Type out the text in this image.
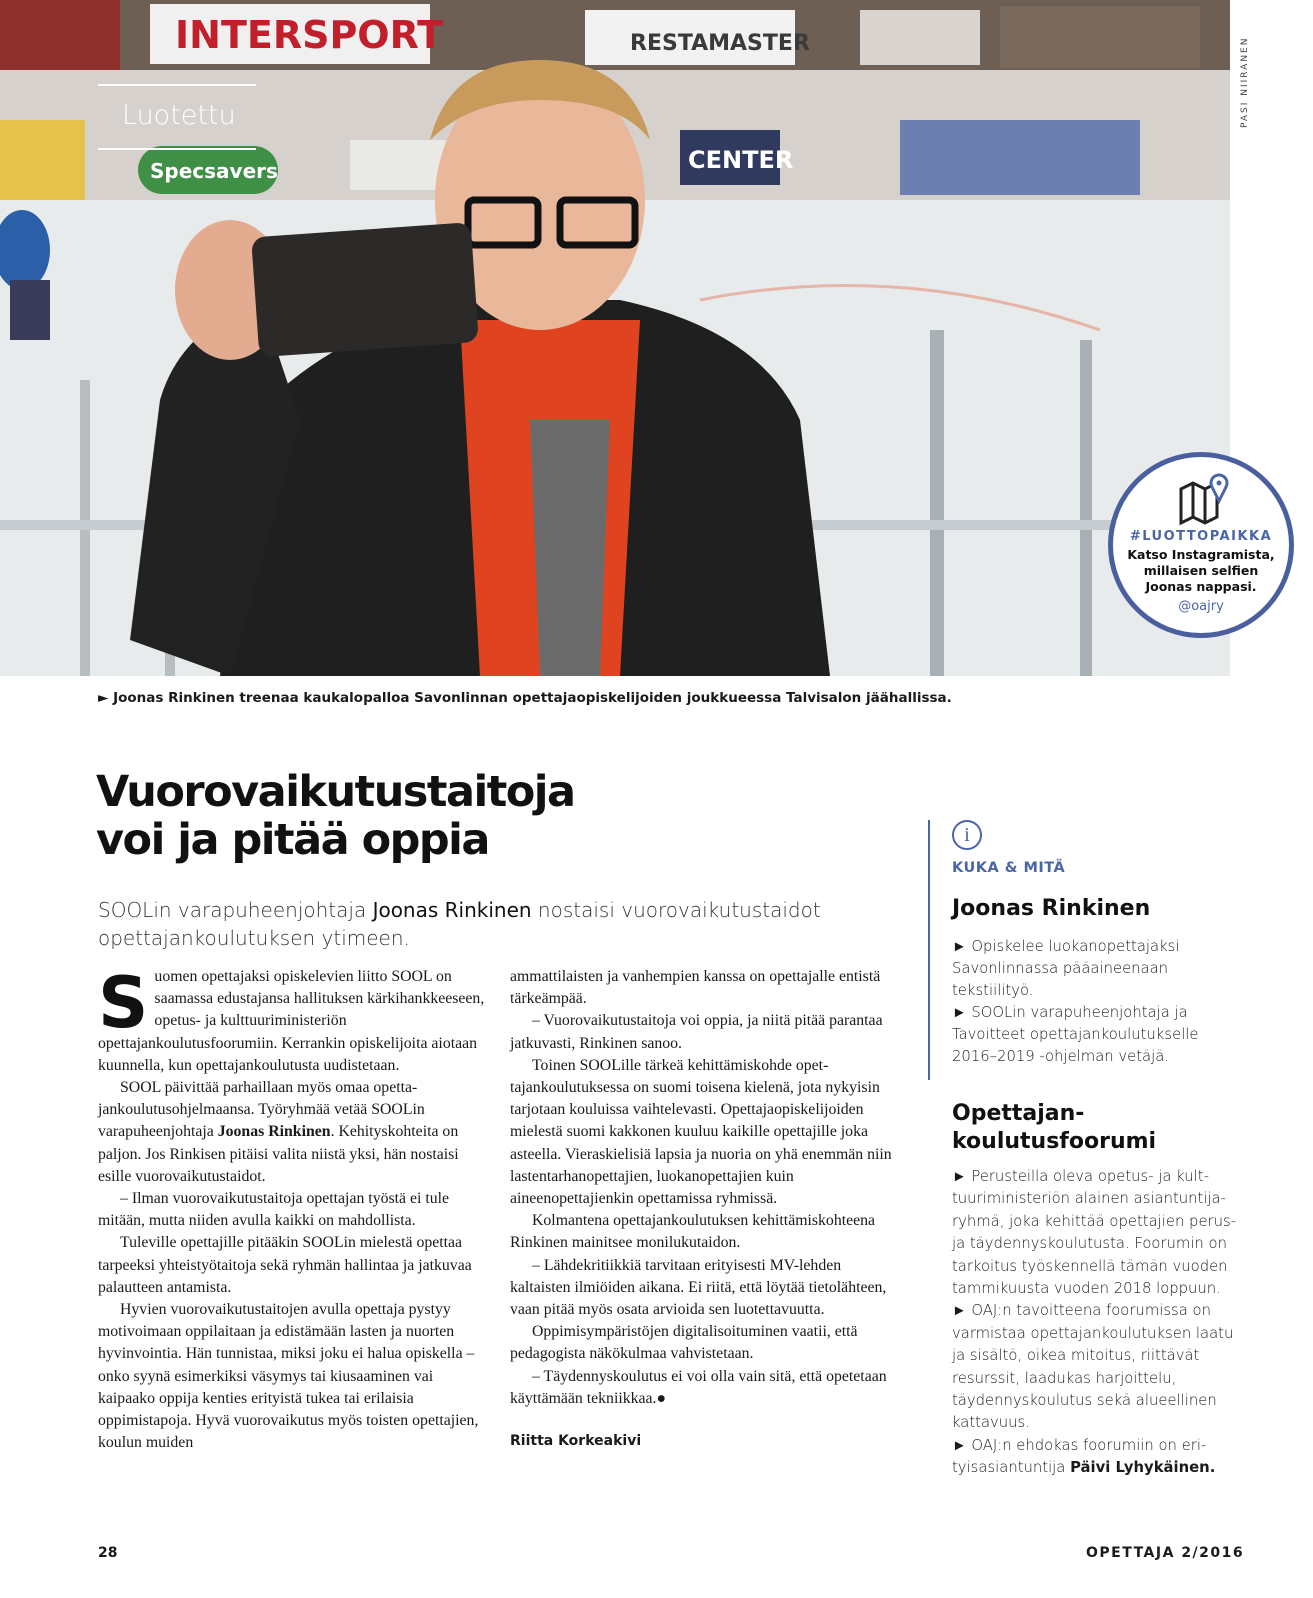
INTERSPORT	RESTAMASTER
Specsavers	CENTER
PASI NIIRANEN
Luotettu
#LUOTTOPAIKKA
Katso Instagramista,
millaisen selfien
Joonas nappasi.
@oajry
► Joonas Rinkinen treenaa kaukalopalloa Savonlinnan opettajaopiskelijoiden joukkueessa Talvisalon jäähallissa.
Vuorovaikutustaitoja
voi ja pitää oppia
SOOLin varapuheenjohtaja Joonas Rinkinen nostaisi vuorovaikutustaidot opettajankoulutuksen ytimeen.

Suomen opettajaksi opiskelevien liitto SOOL on saamassa edustajansa hallituksen kärkihankkeeseen, opetus- ja kulttuuriministeriön opettajankoulutusfoorumiin. Kerrankin opiskelijoita aiotaan kuunnella, kun opettajankoulutusta uudistetaan.

SOOL päivittää parhaillaan myös omaa opettajankoulutusohjelmaansa. Työryhmää vetää SOOLin varapuheenjohtaja Joonas Rinkinen. Kehityskohteita on paljon. Jos Rinkisen pitäisi valita niistä yksi, hän nostaisi esille vuorovaikutustaidot.

– Ilman vuorovaikutustaitoja opettajan työstä ei tule mitään, mutta niiden avulla kaikki on mahdollista.

Tuleville opettajille pitääkin SOOLin mielestä opettaa tarpeeksi yhteistyötaitoja sekä ryhmän hallintaa ja jatkuvaa palautteen antamista.

Hyvien vuorovaikutustaitojen avulla opettaja pystyy motivoimaan oppilaitaan ja edistämään lasten ja nuorten hyvinvointia. Hän tunnistaa, miksi joku ei halua opiskella – onko syynä esimerkiksi väsymys tai kiusaaminen vai kaipaako oppija kenties erityistä tukea tai erilaisia oppimistapoja. Hyvä vuorovaikutus myös toisten opettajien, koulun muiden

ammattilaisten ja vanhempien kanssa on opettajalle entistä tärkeämpää.

– Vuorovaikutustaitoja voi oppia, ja niitä pitää parantaa jatkuvasti, Rinkinen sanoo.

Toinen SOOLille tärkeä kehittämiskohde opettajankoulutuksessa on suomi toisena kielenä, jota nykyisin tarjotaan kouluissa vaihtelevasti. Opettajaopiskelijoiden mielestä suomi kakkonen kuuluu kaikille opettajille joka asteella. Vieraskielisiä lapsia ja nuoria on yhä enemmän niin lastentarhanopettajien, luokanopettajien kuin aineenopettajienkin opettamissa ryhmissä.

Kolmantena opettajankoulutuksen kehittämiskohteena Rinkinen mainitsee monilukutaidon.

– Lähdekritiikkiä tarvitaan erityisesti MV-lehden kaltaisten ilmiöiden aikana. Ei riitä, että löytää tietolähteen, vaan pitää myös osata arvioida sen luotettavuutta.

Oppimisympäristöjen digitalisoituminen vaatii, että pedagogista näkökulmaa vahvistetaan.

– Täydennyskoulutus ei voi olla vain sitä, että opetetaan käyttämään tekniikkaa.●

Riitta Korkeakivi
i
KUKA & MITÄ
Joonas Rinkinen
► Opiskelee luokanopettajaksi Savonlinnassa pääaineenaan tekstiilityö.
► SOOLin varapuheenjohtaja ja Tavoitteet opettajankoulutukselle 2016–2019 -ohjelman vetäjä.
Opettajan-
koulutusfoorumi
► Perusteilla oleva opetus- ja kulttuuriministeriön alainen asiantuntijaryhmä, joka kehittää opettajien perus- ja täydennyskoulutusta. Foorumin on tarkoitus työskennellä tämän vuoden tammikuusta vuoden 2018 loppuun.
► OAJ:n tavoitteena foorumissa on varmistaa opettajankoulutuksen laatu ja sisältö, oikea mitoitus, riittävät resurssit, laadukas harjoittelu, täydennyskoulutus sekä alueellinen kattavuus.
► OAJ:n ehdokas foorumiin on erityisasiantuntija Päivi Lyhykäinen.
28	OPETTAJA 2/2016
